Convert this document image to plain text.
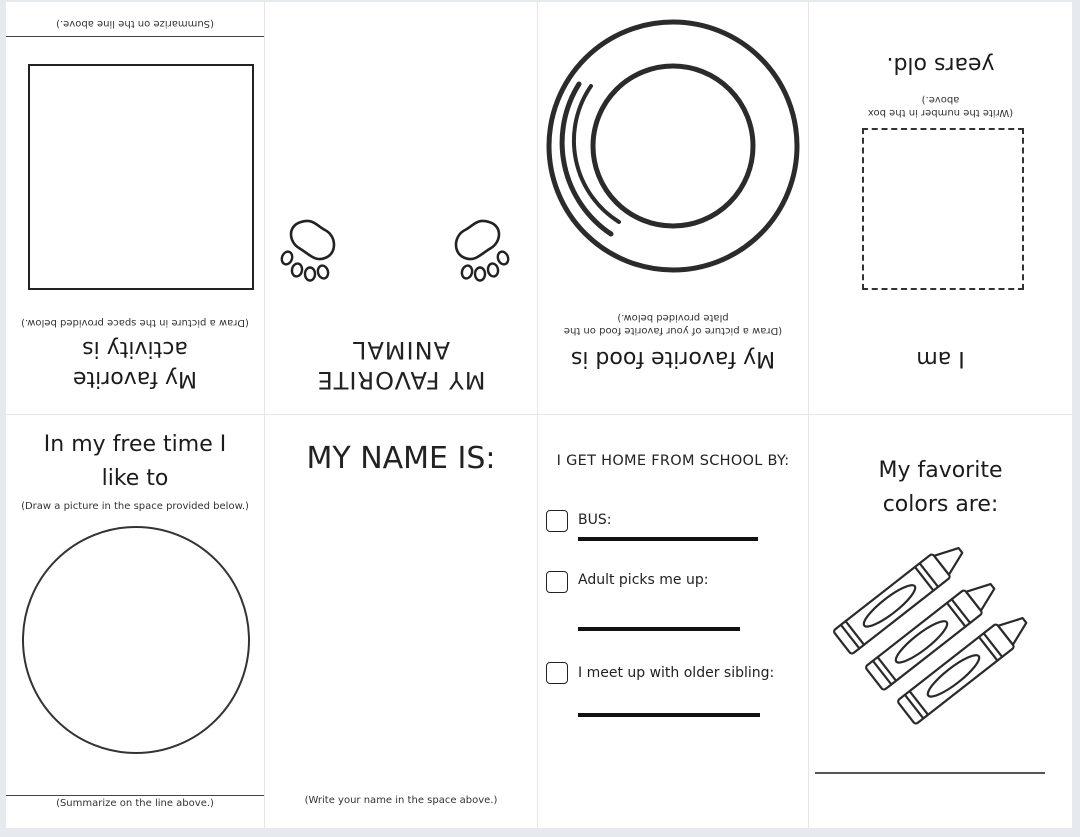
My favorite
activity is
(Draw a picture in the space provided below.)
(Summarize on the line above.)
MY FAVORITE
ANIMAL	My favorite food is
(Draw a picture of your favorite food on the
plate provided below.)
I am
(Write the number in the box
above.)
years old.
In my free time I
like to
(Draw a picture in the space provided below.)
(Summarize on the line above.)
MY NAME IS:
(Write your name in the space above.)
I GET HOME FROM SCHOOL BY:
BUS:
Adult picks me up:
I meet up with older sibling:
My favorite
colors are:
